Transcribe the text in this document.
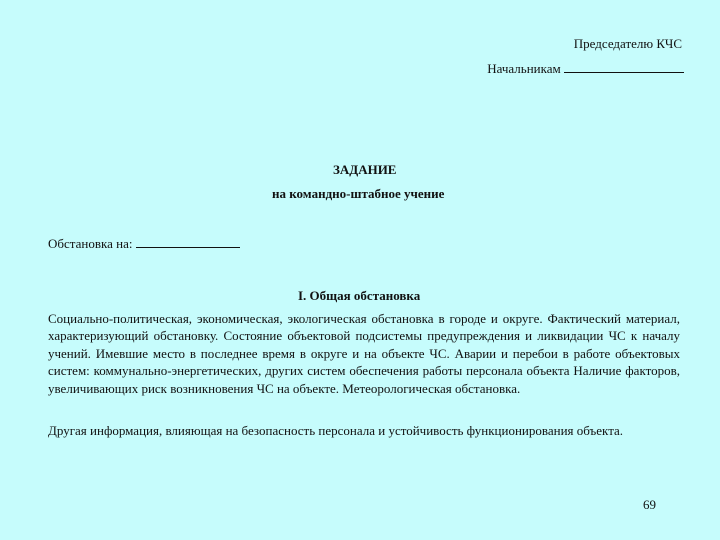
Председателю КЧС
Начальникам
ЗАДАНИЕ
на командно-штабное учение
Обстановка на:
I. Общая обстановка
Социально-политическая, экономическая, экологическая обстановка в городе и округе. Фактический материал, характеризующий обстановку. Состояние объектовой подсистемы предупреждения и ликвидации ЧС к началу учений. Имевшие место в последнее время в округе и на объекте ЧС. Аварии и перебои в работе объектовых систем: коммунально-энергетических, других систем обеспечения работы персонала объекта Наличие факторов, увеличивающих риск возникновения ЧС на объекте. Метеорологическая обстановка.
Другая информация, влияющая на безопасность персонала и устойчивость функционирования объекта.
69
